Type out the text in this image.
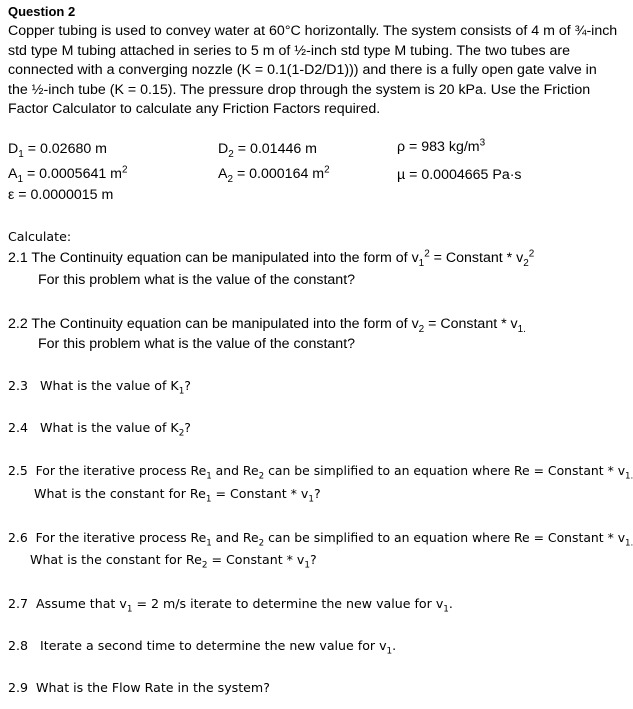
Question 2
Copper tubing is used to convey water at 60°C horizontally. The system consists of 4 m of ¾-inch std type M tubing attached in series to 5 m of ½-inch std type M tubing. The two tubes are connected with a converging nozzle (K = 0.1(1-D2/D1))) and there is a fully open gate valve in the ½-inch tube (K = 0.15). The pressure drop through the system is 20 kPa. Use the Friction Factor Calculator to calculate any Friction Factors required.
$D_1 = 0.02680$ m
$A_1 = 0.0005641$ $m^2$
ε = 0.0000015 m
$D_2 = 0.01446$ m
$A_2 = 0.000164$ $m^2$
ρ = 983 $kg/m^3$
µ = 0.0004665 Pa·s
Calculate:
2.1 The Continuity equation can be manipulated into the form of $v_1^2$ = Constant * $v_2^2$
For this problem what is the value of the constant?
2.2 The Continuity equation can be manipulated into the form of $v_2$ = Constant * $v_{1.}$
For this problem what is the value of the constant?
2.3 What is the value of $K_1$?
2.4 What is the value of $K_2$?
2.5 For the iterative process $Re_1$ and $Re_2$ can be simplified to an equation where Re = Constant * $v_{1.}$
What is the constant for $Re_1$ = Constant * $v_1$?
2.6 For the iterative process $Re_1$ and $Re_2$ can be simplified to an equation where Re = Constant * $v_{1.}$
What is the constant for $Re_2$ = Constant * $v_1$?
2.7 Assume that $v_1 = 2$ m/s iterate to determine the new value for $v_1$.
2.8 Iterate a second time to determine the new value for $v_1$.
2.9 What is the Flow Rate in the system?
